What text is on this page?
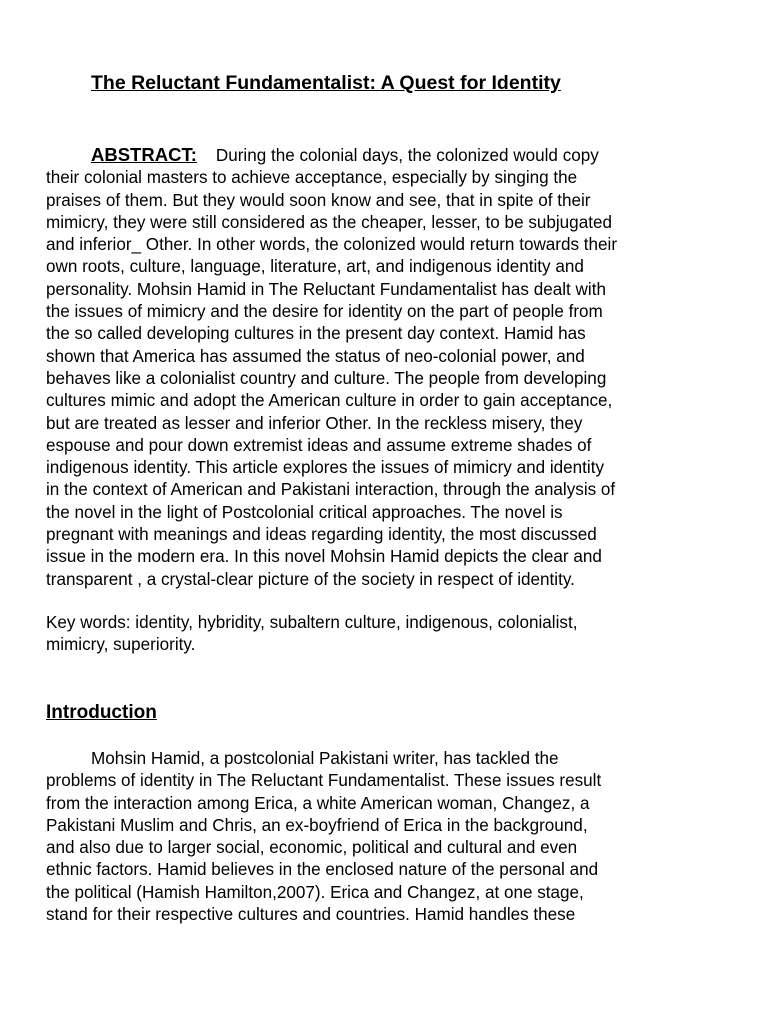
The Reluctant Fundamentalist: A Quest for Identity
ABSTRACT: During the colonial days, the colonized would copy
their colonial masters to achieve acceptance, especially by singing the
praises of them. But they would soon know and see, that in spite of their
mimicry, they were still considered as the cheaper, lesser, to be subjugated
and inferior_ Other. In other words, the colonized would return towards their
own roots, culture, language, literature, art, and indigenous identity and
personality. Mohsin Hamid in The Reluctant Fundamentalist has dealt with
the issues of mimicry and the desire for identity on the part of people from
the so called developing cultures in the present day context. Hamid has
shown that America has assumed the status of neo-colonial power, and
behaves like a colonialist country and culture. The people from developing
cultures mimic and adopt the American culture in order to gain acceptance,
but are treated as lesser and inferior Other. In the reckless misery, they
espouse and pour down extremist ideas and assume extreme shades of
indigenous identity. This article explores the issues of mimicry and identity
in the context of American and Pakistani interaction, through the analysis of
the novel in the light of Postcolonial critical approaches. The novel is
pregnant with meanings and ideas regarding identity, the most discussed
issue in the modern era. In this novel Mohsin Hamid depicts the clear and
transparent , a crystal-clear picture of the society in respect of identity.
Key words: identity, hybridity, subaltern culture, indigenous, colonialist,
mimicry, superiority.
Introduction
Mohsin Hamid, a postcolonial Pakistani writer, has tackled the
problems of identity in The Reluctant Fundamentalist. These issues result
from the interaction among Erica, a white American woman, Changez, a
Pakistani Muslim and Chris, an ex-boyfriend of Erica in the background,
and also due to larger social, economic, political and cultural and even
ethnic factors. Hamid believes in the enclosed nature of the personal and
the political (Hamish Hamilton,2007). Erica and Changez, at one stage,
stand for their respective cultures and countries. Hamid handles these
